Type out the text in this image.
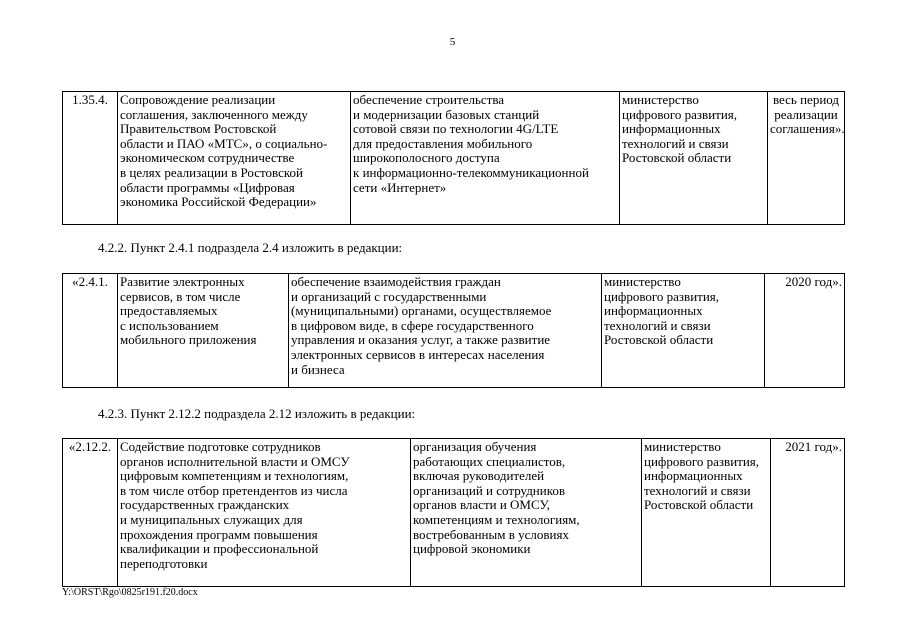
5
1.35.4.	Сопровождение реализации
соглашения, заключенного между
Правительством Ростовской
области и ПАО «МТС», о социально-
экономическом сотрудничестве
в целях реализации в Ростовской
области программы «Цифровая
экономика Российской Федерации»	обеспечение строительства
и модернизации базовых станций
сотовой связи по технологии 4G/LTE
для предоставления мобильного
широкополосного доступа
к информационно-телекоммуникационной
сети «Интернет»	министерство
цифрового развития,
информационных
технологий и связи
Ростовской области	весь период
реализации
соглашения».
4.2.2. Пункт 2.4.1 подраздела 2.4 изложить в редакции:
«2.4.1.	Развитие электронных
сервисов, в том числе
предоставляемых
с использованием
мобильного приложения	обеспечение взаимодействия граждан
и организаций с государственными
(муниципальными) органами, осуществляемое
в цифровом виде, в сфере государственного
управления и оказания услуг, а также развитие
электронных сервисов в интересах населения
и бизнеса	министерство
цифрового развития,
информационных
технологий и связи
Ростовской области	2020 год».
4.2.3. Пункт 2.12.2 подраздела 2.12 изложить в редакции:
«2.12.2.	Содействие подготовке сотрудников
органов исполнительной власти и ОМСУ
цифровым компетенциям и технологиям,
в том числе отбор претендентов из числа
государственных гражданских
и муниципальных служащих для
прохождения программ повышения
квалификации и профессиональной
переподготовки	организация обучения
работающих специалистов,
включая руководителей
организаций и сотрудников
органов власти и ОМСУ,
компетенциям и технологиям,
востребованным в условиях
цифровой экономики	министерство
цифрового развития,
информационных
технологий и связи
Ростовской области	2021 год».
Y:\ORST\Rgo\0825r191.f20.docx
